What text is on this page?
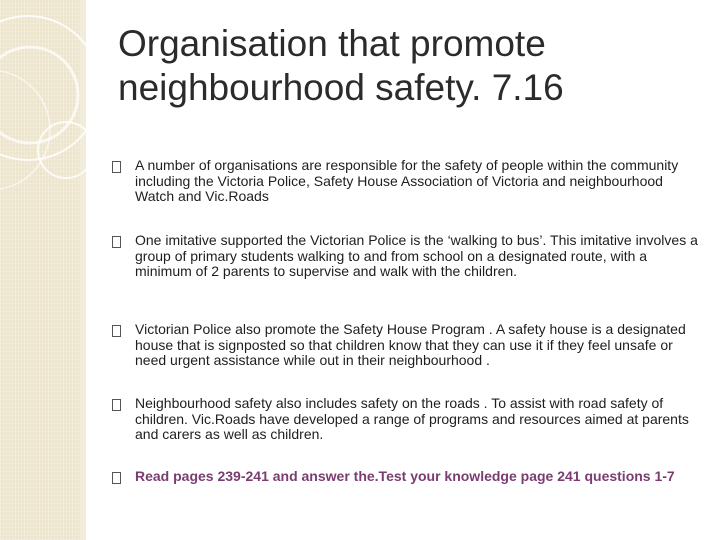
Organisation that promote
neighbourhood safety. 7.16
A number of organisations are responsible for the safety of people within the community including the Victoria Police, Safety House Association of Victoria and neighbourhood Watch and Vic.Roads
One imitative supported the Victorian Police is the ‘walking to bus’. This imitative involves a group of primary students walking to and from school on a designated route, with a minimum of 2 parents to supervise and walk with the children.
Victorian Police also promote the Safety House Program . A safety house is a designated house that is signposted so that children know that they can use it if they feel unsafe or need urgent assistance while out in their neighbourhood .
Neighbourhood safety also includes safety on the roads . To assist with road safety of children. Vic.Roads have developed a range of programs and resources aimed at parents and carers as well as children.
Read pages 239-241 and answer the.Test your knowledge page 241 questions 1-7
